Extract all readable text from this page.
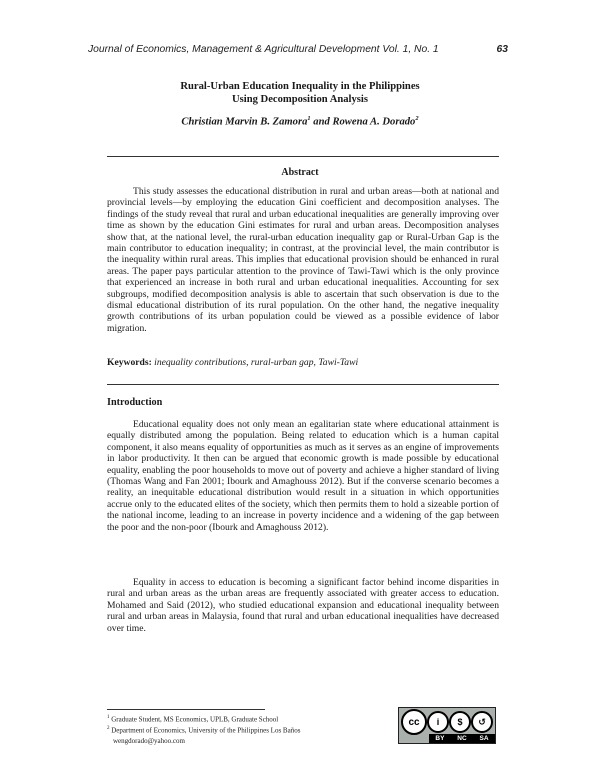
Journal of Economics, Management & Agricultural Development Vol. 1, No. 1	63
Rural-Urban Education Inequality in the Philippines
Using Decomposition Analysis
Christian Marvin B. Zamora$^1$ and Rowena A. Dorado$^2$
Abstract

This study assesses the educational distribution in rural and urban areas—both at national and provincial levels—by employing the education Gini coefficient and decomposition analyses. The findings of the study reveal that rural and urban educational inequalities are generally improving over time as shown by the education Gini estimates for rural and urban areas. Decomposition analyses show that, at the national level, the rural-urban education inequality gap or Rural-Urban Gap is the main contributor to education inequality; in contrast, at the provincial level, the main contributor is the inequality within rural areas. This implies that educational provision should be enhanced in rural areas. The paper pays particular attention to the province of Tawi-Tawi which is the only province that experienced an increase in both rural and urban educational inequalities. Accounting for sex subgroups, modified decomposition analysis is able to ascertain that such observation is due to the dismal educational distribution of its rural population. On the other hand, the negative inequality growth contributions of its urban population could be viewed as a possible evidence of labor migration.

Keywords: inequality contributions, rural-urban gap, Tawi-Tawi
Introduction

Educational equality does not only mean an egalitarian state where educational attainment is equally distributed among the population. Being related to education which is a human capital component, it also means equality of opportunities as much as it serves as an engine of improvements in labor productivity. It then can be argued that economic growth is made possible by educational equality, enabling the poor households to move out of poverty and achieve a higher standard of living (Thomas Wang and Fan 2001; Ibourk and Amaghouss 2012). But if the converse scenario becomes a reality, an inequitable educational distribution would result in a situation in which opportunities accrue only to the educated elites of the society, which then permits them to hold a sizeable portion of the national income, leading to an increase in poverty incidence and a widening of the gap between the poor and the non-poor (Ibourk and Amaghouss 2012).

Equality in access to education is becoming a significant factor behind income disparities in rural and urban areas as the urban areas are frequently associated with greater access to education. Mohamed and Said (2012), who studied educational expansion and educational inequality between rural and urban areas in Malaysia, found that rural and urban educational inequalities have decreased over time.

$^1$ Graduate Student, MS Economics, UPLB, Graduate School
$^2$ Department of Economics, University of the Philippines Los Baños
wengdorado@yahoo.com
cc	i	$	↺
BY NC SA
